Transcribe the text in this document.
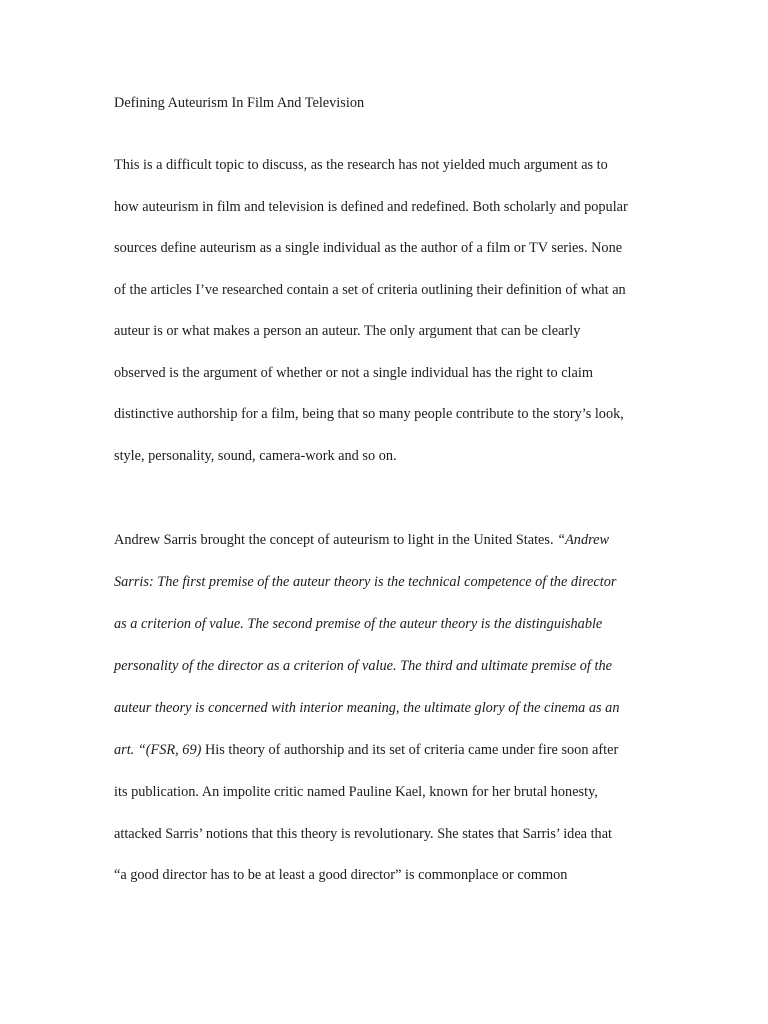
Defining Auteurism In Film And Television

This is a difficult topic to discuss, as the research has not yielded much argument as to

how auteurism in film and television is defined and redefined. Both scholarly and popular

sources define auteurism as a single individual as the author of a film or TV series. None

of the articles I’ve researched contain a set of criteria outlining their definition of what an

auteur is or what makes a person an auteur. The only argument that can be clearly

observed is the argument of whether or not a single individual has the right to claim

distinctive authorship for a film, being that so many people contribute to the story’s look,

style, personality, sound, camera-work and so on.

Andrew Sarris brought the concept of auteurism to light in the United States. “Andrew

Sarris: The first premise of the auteur theory is the technical competence of the director

as a criterion of value. The second premise of the auteur theory is the distinguishable

personality of the director as a criterion of value. The third and ultimate premise of the

auteur theory is concerned with interior meaning, the ultimate glory of the cinema as an

art. “(FSR, 69) His theory of authorship and its set of criteria came under fire soon after

its publication. An impolite critic named Pauline Kael, known for her brutal honesty,

attacked Sarris’ notions that this theory is revolutionary. She states that Sarris’ idea that

“a good director has to be at least a good director” is commonplace or common
